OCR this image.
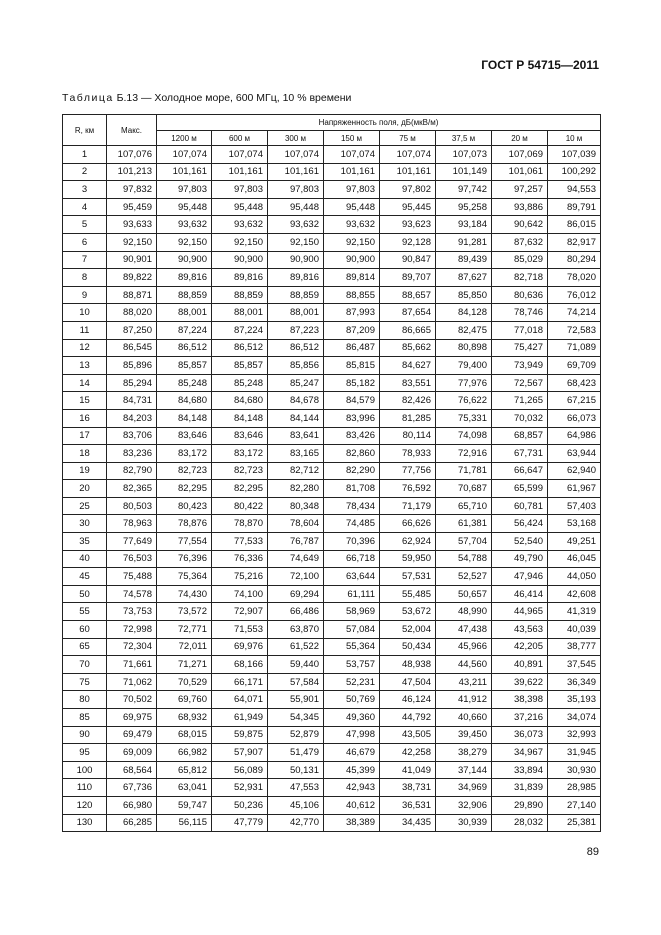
ГОСТ Р 54715—2011
Таблица Б.13 — Холодное море, 600 МГц, 10 % времени
R, км	Макс.	Напряженность поля, дБ(мкВ/м)							
		1200 м	600 м	300 м	150 м	75 м	37,5 м	20 м	10 м
1	107,076	107,074	107,074	107,074	107,074	107,074	107,073	107,069	107,039
2	101,213	101,161	101,161	101,161	101,161	101,161	101,149	101,061	100,292
3	97,832	97,803	97,803	97,803	97,803	97,802	97,742	97,257	94,553
4	95,459	95,448	95,448	95,448	95,448	95,445	95,258	93,886	89,791
5	93,633	93,632	93,632	93,632	93,632	93,623	93,184	90,642	86,015
6	92,150	92,150	92,150	92,150	92,150	92,128	91,281	87,632	82,917
7	90,901	90,900	90,900	90,900	90,900	90,847	89,439	85,029	80,294
8	89,822	89,816	89,816	89,816	89,814	89,707	87,627	82,718	78,020
9	88,871	88,859	88,859	88,859	88,855	88,657	85,850	80,636	76,012
10	88,020	88,001	88,001	88,001	87,993	87,654	84,128	78,746	74,214
11	87,250	87,224	87,224	87,223	87,209	86,665	82,475	77,018	72,583
12	86,545	86,512	86,512	86,512	86,487	85,662	80,898	75,427	71,089
13	85,896	85,857	85,857	85,856	85,815	84,627	79,400	73,949	69,709
14	85,294	85,248	85,248	85,247	85,182	83,551	77,976	72,567	68,423
15	84,731	84,680	84,680	84,678	84,579	82,426	76,622	71,265	67,215
16	84,203	84,148	84,148	84,144	83,996	81,285	75,331	70,032	66,073
17	83,706	83,646	83,646	83,641	83,426	80,114	74,098	68,857	64,986
18	83,236	83,172	83,172	83,165	82,860	78,933	72,916	67,731	63,944
19	82,790	82,723	82,723	82,712	82,290	77,756	71,781	66,647	62,940
20	82,365	82,295	82,295	82,280	81,708	76,592	70,687	65,599	61,967
25	80,503	80,423	80,422	80,348	78,434	71,179	65,710	60,781	57,403
30	78,963	78,876	78,870	78,604	74,485	66,626	61,381	56,424	53,168
35	77,649	77,554	77,533	76,787	70,396	62,924	57,704	52,540	49,251
40	76,503	76,396	76,336	74,649	66,718	59,950	54,788	49,790	46,045
45	75,488	75,364	75,216	72,100	63,644	57,531	52,527	47,946	44,050
50	74,578	74,430	74,100	69,294	61,111	55,485	50,657	46,414	42,608
55	73,753	73,572	72,907	66,486	58,969	53,672	48,990	44,965	41,319
60	72,998	72,771	71,553	63,870	57,084	52,004	47,438	43,563	40,039
65	72,304	72,011	69,976	61,522	55,364	50,434	45,966	42,205	38,777
70	71,661	71,271	68,166	59,440	53,757	48,938	44,560	40,891	37,545
75	71,062	70,529	66,171	57,584	52,231	47,504	43,211	39,622	36,349
80	70,502	69,760	64,071	55,901	50,769	46,124	41,912	38,398	35,193
85	69,975	68,932	61,949	54,345	49,360	44,792	40,660	37,216	34,074
90	69,479	68,015	59,875	52,879	47,998	43,505	39,450	36,073	32,993
95	69,009	66,982	57,907	51,479	46,679	42,258	38,279	34,967	31,945
100	68,564	65,812	56,089	50,131	45,399	41,049	37,144	33,894	30,930
110	67,736	63,041	52,931	47,553	42,943	38,731	34,969	31,839	28,985
120	66,980	59,747	50,236	45,106	40,612	36,531	32,906	29,890	27,140
130	66,285	56,115	47,779	42,770	38,389	34,435	30,939	28,032	25,381
89
